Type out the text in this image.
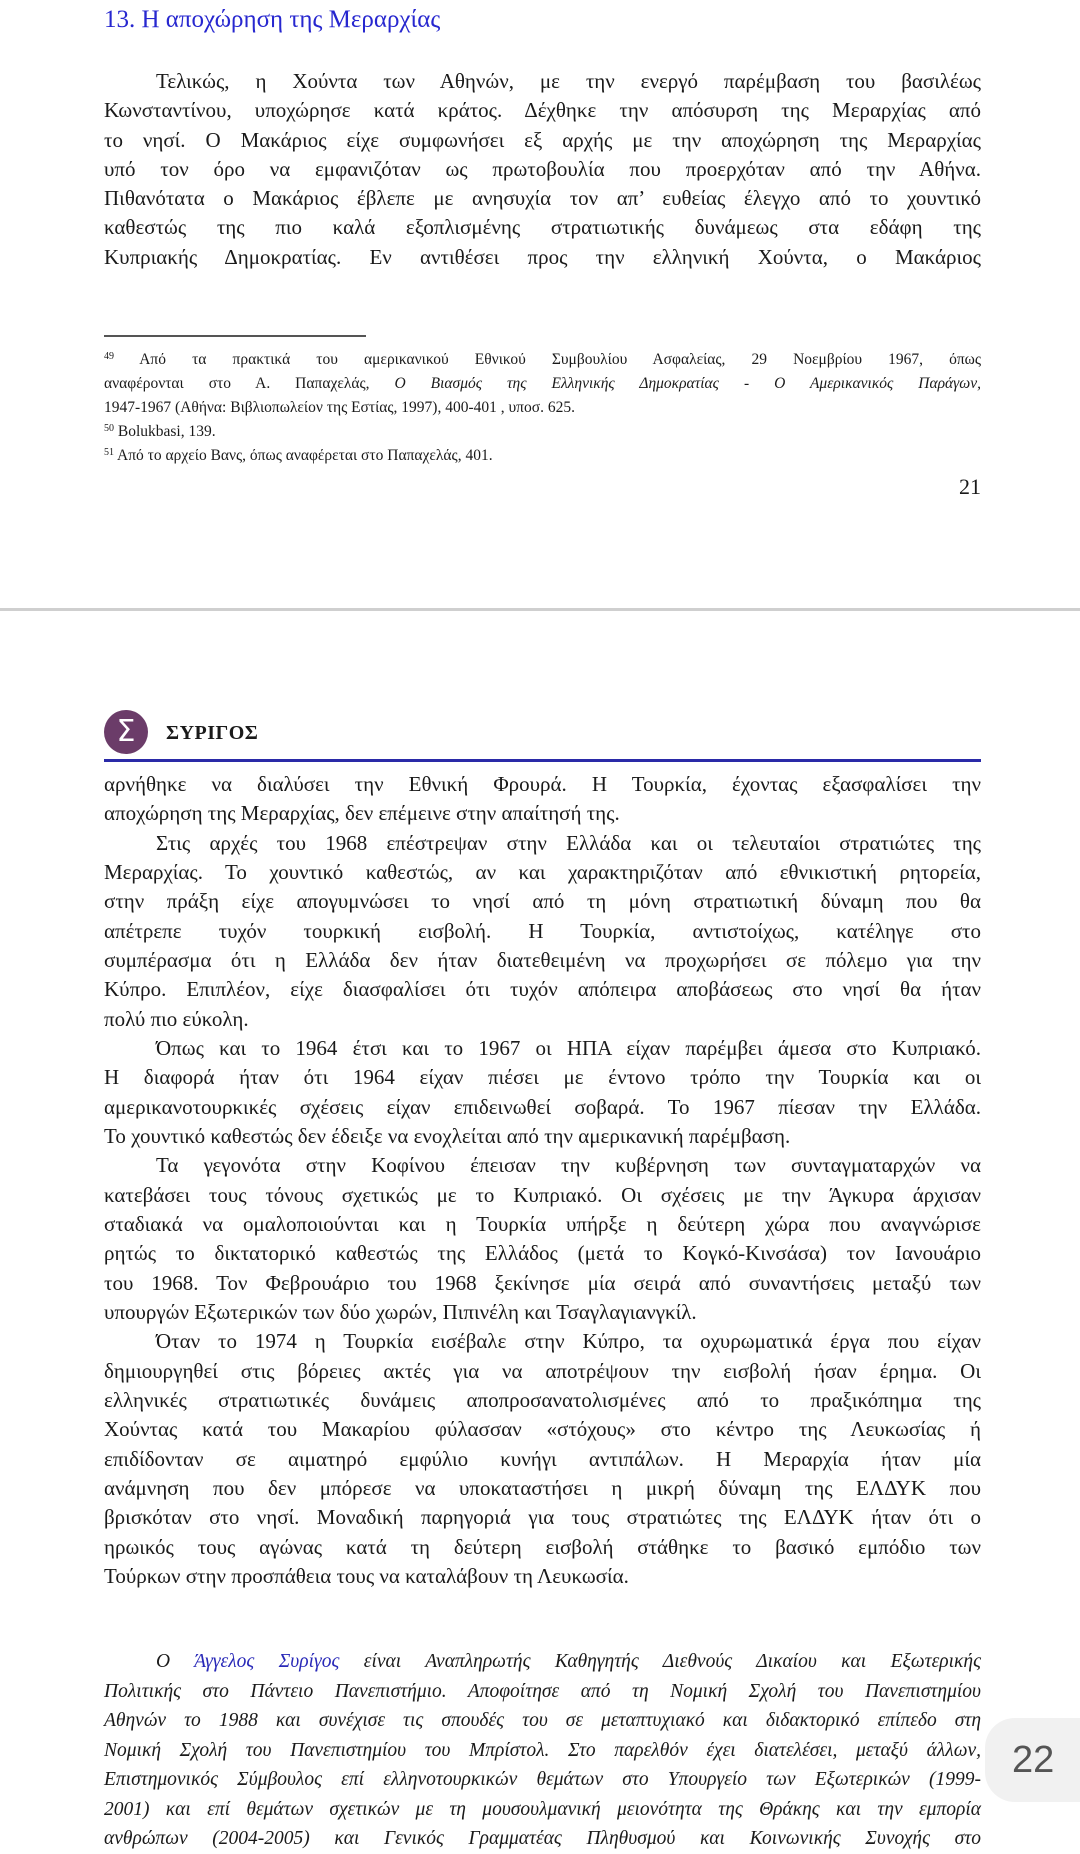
13. Η αποχώρηση της Μεραρχίας
Τελικώς, η Χούντα των Αθηνών, με την ενεργό παρέμβαση του βασιλέως
Κωνσταντίνου, υποχώρησε κατά κράτος. Δέχθηκε την απόσυρση της Μεραρχίας από
το νησί. Ο Μακάριος είχε συμφωνήσει εξ αρχής με την αποχώρηση της Μεραρχίας
υπό τον όρο να εμφανιζόταν ως πρωτοβουλία που προερχόταν από την Αθήνα.
Πιθανότατα ο Μακάριος έβλεπε με ανησυχία τον απ’ ευθείας έλεγχο από το χουντικό
καθεστώς της πιο καλά εξοπλισμένης στρατιωτικής δυνάμεως στα εδάφη της
Κυπριακής Δημοκρατίας. Εν αντιθέσει προς την ελληνική Χούντα, ο Μακάριος
$^{49}$ Από τα πρακτικά του αμερικανικού Εθνικού Συμβουλίου Ασφαλείας, 29 Νοεμβρίου 1967, όπως
αναφέρονται στο Α. Παπαχελάς, Ο Βιασμός της Ελληνικής Δημοκρατίας - Ο Αμερικανικός Παράγων,
1947-1967 (Αθήνα: Βιβλιοπωλείον της Εστίας, 1997), 400-401 , υποσ. 625.
$^{50}$ Bolukbasi, 139.
$^{51}$ Από το αρχείο Βανς, όπως αναφέρεται στο Παπαχελάς, 401.
21
Σ	ΣΥΡΙΓΟΣ
αρνήθηκε να διαλύσει την Εθνική Φρουρά. Η Τουρκία, έχοντας εξασφαλίσει την
αποχώρηση της Μεραρχίας, δεν επέμεινε στην απαίτησή της.
Στις αρχές του 1968 επέστρεψαν στην Ελλάδα και οι τελευταίοι στρατιώτες της
Μεραρχίας. Το χουντικό καθεστώς, αν και χαρακτηριζόταν από εθνικιστική ρητορεία,
στην πράξη είχε απογυμνώσει το νησί από τη μόνη στρατιωτική δύναμη που θα
απέτρεπε τυχόν τουρκική εισβολή. Η Τουρκία, αντιστοίχως, κατέληγε στο
συμπέρασμα ότι η Ελλάδα δεν ήταν διατεθειμένη να προχωρήσει σε πόλεμο για την
Κύπρο. Επιπλέον, είχε διασφαλίσει ότι τυχόν απόπειρα αποβάσεως στο νησί θα ήταν
πολύ πιο εύκολη.
Όπως και το 1964 έτσι και το 1967 οι ΗΠΑ είχαν παρέμβει άμεσα στο Κυπριακό.
Η διαφορά ήταν ότι 1964 είχαν πιέσει με έντονο τρόπο την Τουρκία και οι
αμερικανοτουρκικές σχέσεις είχαν επιδεινωθεί σοβαρά. Το 1967 πίεσαν την Ελλάδα.
Το χουντικό καθεστώς δεν έδειξε να ενοχλείται από την αμερικανική παρέμβαση.
Τα γεγονότα στην Κοφίνου έπεισαν την κυβέρνηση των συνταγματαρχών να
κατεβάσει τους τόνους σχετικώς με το Κυπριακό. Οι σχέσεις με την Άγκυρα άρχισαν
σταδιακά να ομαλοποιούνται και η Τουρκία υπήρξε η δεύτερη χώρα που αναγνώρισε
ρητώς το δικτατορικό καθεστώς της Ελλάδος (μετά το Κογκό-Κινσάσα) τον Ιανουάριο
του 1968. Τον Φεβρουάριο του 1968 ξεκίνησε μία σειρά από συναντήσεις μεταξύ των
υπουργών Εξωτερικών των δύο χωρών, Πιπινέλη και Τσαγλαγιανγκίλ.
Όταν το 1974 η Τουρκία εισέβαλε στην Κύπρο, τα οχυρωματικά έργα που είχαν
δημιουργηθεί στις βόρειες ακτές για να αποτρέψουν την εισβολή ήσαν έρημα. Οι
ελληνικές στρατιωτικές δυνάμεις αποπροσανατολισμένες από το πραξικόπημα της
Χούντας κατά του Μακαρίου φύλασσαν «στόχους» στο κέντρο της Λευκωσίας ή
επιδίδονταν σε αιματηρό εμφύλιο κυνήγι αντιπάλων. Η Μεραρχία ήταν μία
ανάμνηση που δεν μπόρεσε να υποκαταστήσει η μικρή δύναμη της ΕΛΔΥΚ που
βρισκόταν στο νησί. Μοναδική παρηγοριά για τους στρατιώτες της ΕΛΔΥΚ ήταν ότι ο
ηρωικός τους αγώνας κατά τη δεύτερη εισβολή στάθηκε το βασικό εμπόδιο των
Τούρκων στην προσπάθεια τους να καταλάβουν τη Λευκωσία.
Ο Άγγελος Συρίγος είναι Αναπληρωτής Καθηγητής Διεθνούς Δικαίου και Εξωτερικής
Πολιτικής στο Πάντειο Πανεπιστήμιο. Αποφοίτησε από τη Νομική Σχολή του Πανεπιστημίου
Αθηνών το 1988 και συνέχισε τις σπουδές του σε μεταπτυχιακό και διδακτορικό επίπεδο στη
Νομική Σχολή του Πανεπιστημίου του Μπρίστολ. Στο παρελθόν έχει διατελέσει, μεταξύ άλλων,
Επιστημονικός Σύμβουλος επί ελληνοτουρκικών θεμάτων στο Υπουργείο των Εξωτερικών (1999-
2001) και επί θεμάτων σχετικών με τη μουσουλμανική μειονότητα της Θράκης και την εμπορία
ανθρώπων (2004-2005) και Γενικός Γραμματέας Πληθυσμού και Κοινωνικής Συνοχής στο
22
